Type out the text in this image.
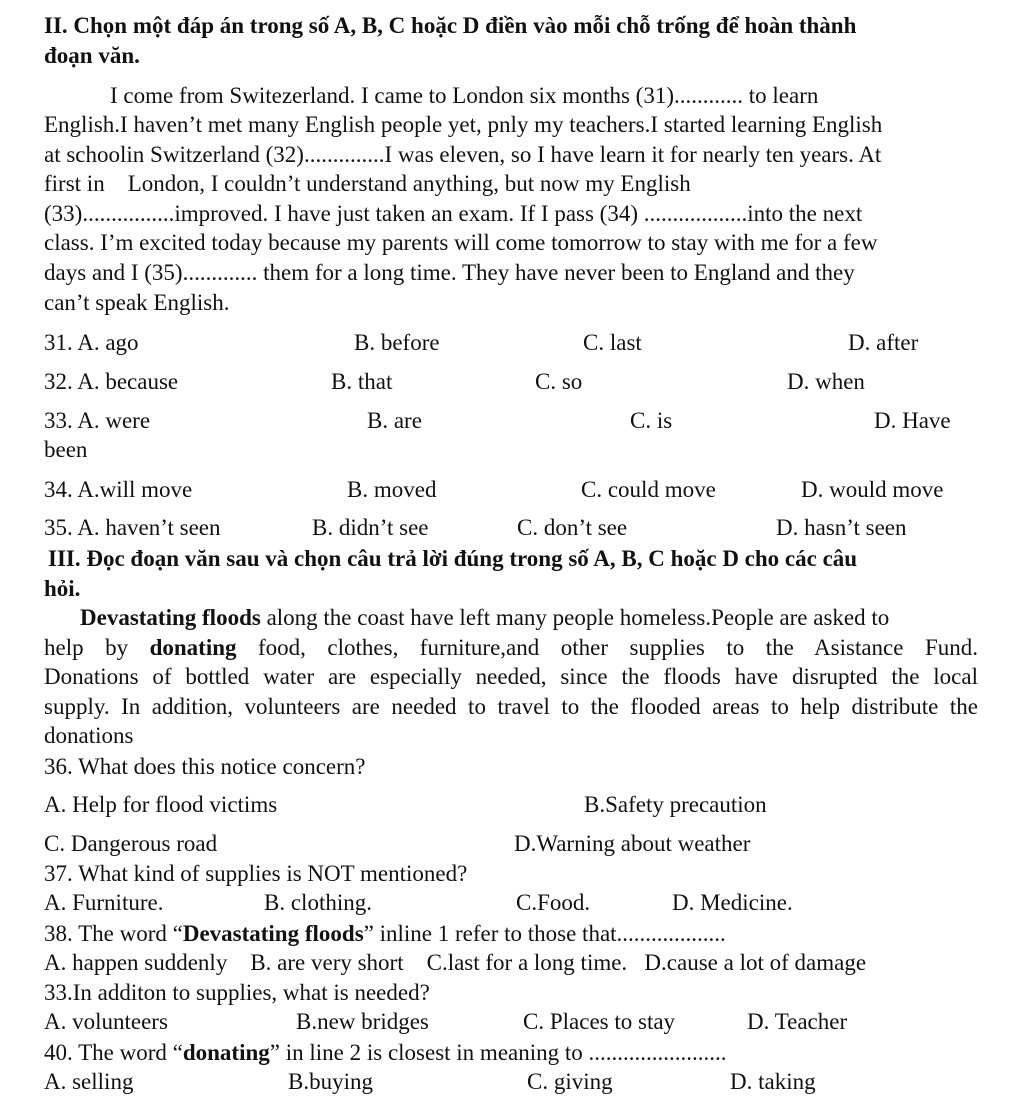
II. Chọn một đáp án trong số A, B, C hoặc D điền vào mỗi chỗ trống để hoàn thành
đoạn văn.
I come from Switezerland. I came to London six months (31)............ to learn
English.I haven’t met many English people yet, pnly my teachers.I started learning English
at schoolin Switzerland (32)..............I was eleven, so I have learn it for nearly ten years. At
first in    London, I couldn’t understand anything, but now my English
(33)................improved. I have just taken an exam. If I pass (34) ..................into the next
class. I’m excited today because my parents will come tomorrow to stay with me for a few
days and I (35)............. them for a long time. They have never been to England and they
can’t speak English.
31. A. ago	B. before	C. last	D. after
32. A. because	B. that	C. so	D. when
33. A. were	B. are	C. is	D. Have
been
34. A.will move	B. moved	C. could move	D. would move
35. A. haven’t seen	B. didn’t see	C. don’t see	D. hasn’t seen
III. Đọc đoạn văn sau và chọn câu trả lời đúng trong số A, B, C hoặc D cho các câu
hỏi.
Devastating floods along the coast have left many people homeless.People are asked to
help by donating food, clothes, furniture,and other supplies to the Asistance Fund.
Donations of bottled water are especially needed, since the floods have disrupted the local
supply. In addition, volunteers are needed to travel to the flooded areas to help distribute the
donations
36. What does this notice concern?
A. Help for flood victims	B.Safety precaution
C. Dangerous road	D.Warning about weather
37. What kind of supplies is NOT mentioned?
A. Furniture.	B. clothing.	C.Food.	D. Medicine.
38. The word “Devastating floods” inline 1 refer to those that...................
A. happen suddenly    B. are very short    C.last for a long time.   D.cause a lot of damage
33.In additon to supplies, what is needed?
A. volunteers	B.new bridges	C. Places to stay	D. Teacher
40. The word “donating” in line 2 is closest in meaning to ........................
A. selling	B.buying	C. giving	D. taking
